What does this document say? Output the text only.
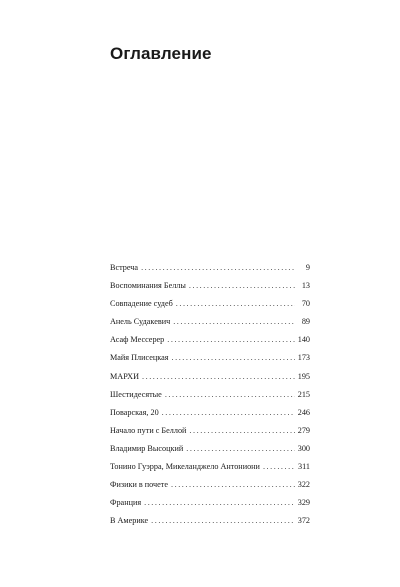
Оглавление
Встреча . . .	9
Воспоминания Беллы . . .	13
Совпадение судеб . . .	70
Анель Судакевич . . .	89
Асаф Мессерер . . .	140
Майя Плисецкая . . .	173
МАРХИ . . .	195
Шестидесятые . . .	215
Поварская, 20 . . .	246
Начало пути с Беллой . . .	279
Владимир Высоцкий . . .	300
Тонино Гуэрра, Микеланджело Антониони . . .	311
Физики в почете . . .	322
Франция . . .	329
В Америке . . .	372
